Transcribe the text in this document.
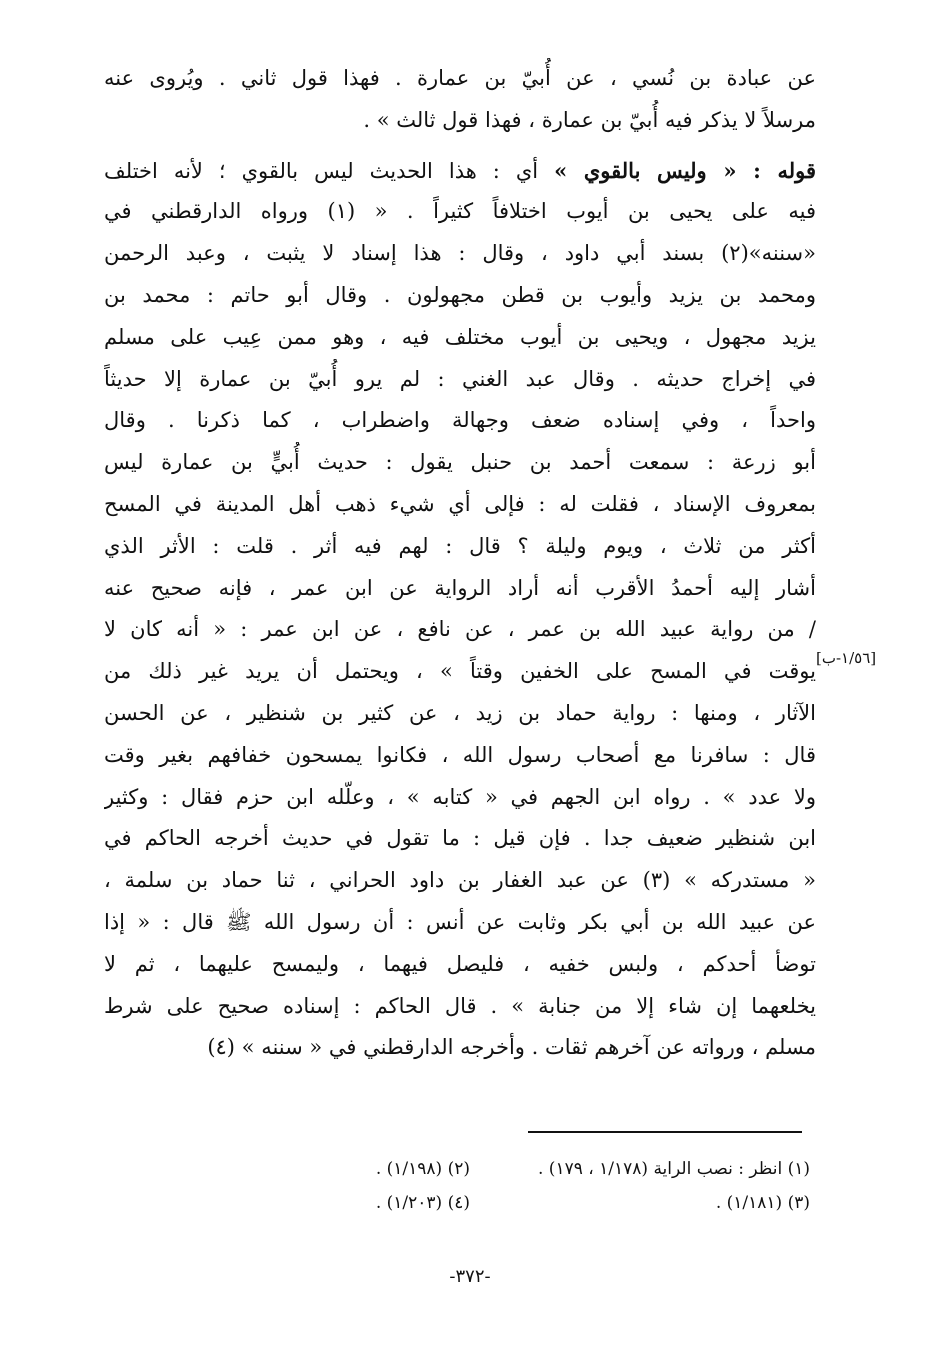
عن عبادة بن نُسي ، عن أُبيّ بن عمارة . فهذا قول ثاني . ويُروى عنه
مرسلاً لا يذكر فيه أُبيّ بن عمارة ، فهذا قول ثالث » .
قوله : « وليس بالقوي » أي : هذا الحديث ليس بالقوي ؛ لأنه اختلف
فيه على يحيى بن أيوب اختلافاً كثيراً . « (١) ورواه الدارقطني في
«سننه»(٢) بسند أبي داود ، وقال : هذا إسناد لا يثبت ، وعبد الرحمن
ومحمد بن يزيد وأيوب بن قطن مجهولون . وقال أبو حاتم : محمد بن
يزيد مجهول ، ويحيى بن أيوب مختلف فيه ، وهو ممن عِيب على مسلم
في إخراج حديثه . وقال عبد الغني : لم يرو أُبيّ بن عمارة إلا حديثاً
واحداً ، وفي إسناده ضعف وجهالة واضطراب ، كما ذكرنا . وقال
أبو زرعة : سمعت أحمد بن حنبل يقول : حديث أُبيٍّ بن عمارة ليس
بمعروف الإسناد ، فقلت له : فإلى أي شيء ذهب أهل المدينة في المسح
أكثر من ثلاث ، ويوم وليلة ؟ قال : لهم فيه أثر . قلت : الأثر الذي
أشار إليه أحمدُ الأقرب أنه أراد الرواية عن ابن عمر ، فإنه صحيح عنه
/ من رواية عبيد الله بن عمر ، عن نافع ، عن ابن عمر : « أنه كان لا
يوقت في المسح على الخفين وقتاً » ، ويحتمل أن يريد غير ذلك من
الآثار ، ومنها : رواية حماد بن زيد ، عن كثير بن شنظير ، عن الحسن
قال : سافرنا مع أصحاب رسول الله ، فكانوا يمسحون خفافهم بغير وقت
ولا عدد » . رواه ابن الجهم في « كتابه » ، وعلّله ابن حزم فقال : وكثير
ابن شنظير ضعيف جدا . فإن قيل : ما تقول في حديث أخرجه الحاكم في
« مستدركه » (٣) عن عبد الغفار بن داود الحراني ، ثنا حماد بن سلمة ،
عن عبيد الله بن أبي بكر وثابت عن أنس : أن رسول الله ﷺ قال : « إذا
توضأ أحدكم ، ولبس خفيه ، فليصل فيهما ، وليمسح عليهما ، ثم لا
يخلعهما إن شاء إلا من جنابة » . قال الحاكم : إسناده صحيح على شرط
مسلم ، ورواته عن آخرهم ثقات . وأخرجه الدارقطني في « سننه » (٤)
[١/٥٦-ب]
(١) انظر : نصب الراية (١/١٧٨ ، ١٧٩) .
(٢) (١/١٩٨) .
(٣) (١/١٨١) .
(٤) (١/٢٠٣) .
-٣٧٢-
